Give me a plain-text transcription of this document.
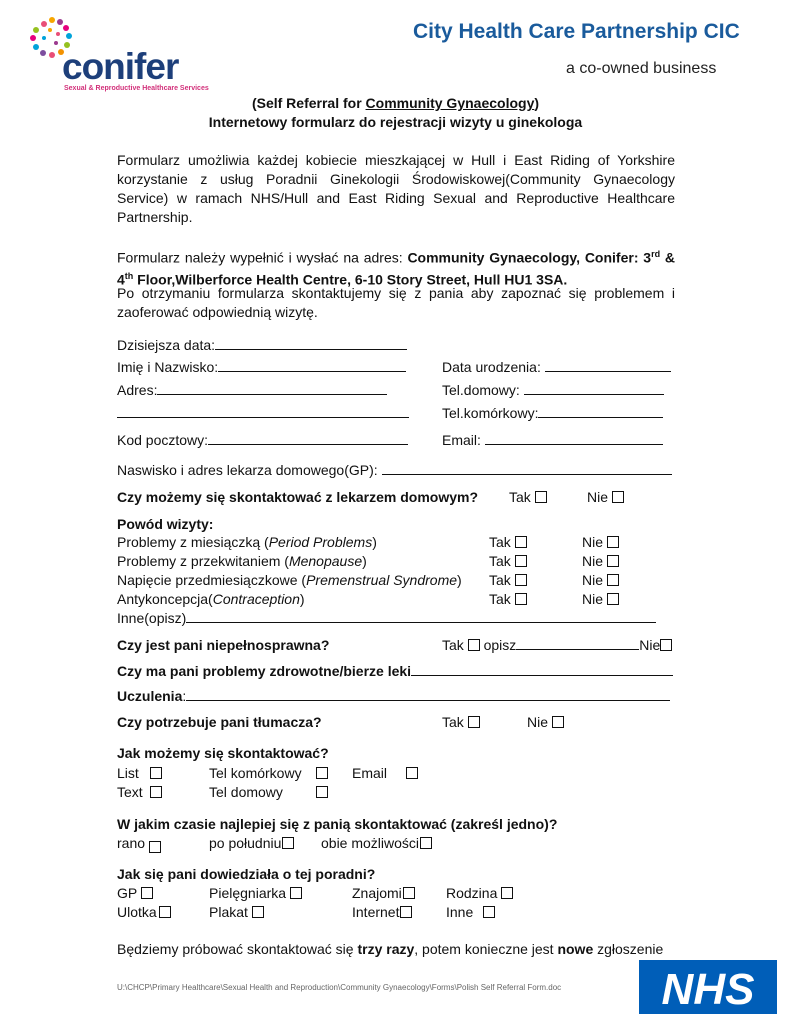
conifer
Sexual & Reproductive Healthcare Services
City Health Care Partnership CIC
a co-owned business
(Self Referral for Community Gynaecology)
Internetowy formularz do rejestracji wizyty u ginekologa
Formularz umożliwia każdej kobiecie mieszkającej w Hull i East Riding of Yorkshire korzystanie z usług Poradnii Ginekologii Środowiskowej(Community Gynaecology Service) w ramach NHS/Hull and East Riding Sexual and Reproductive Healthcare Partnership.
Formularz należy wypełnić i wysłać na adres: Community Gynaecology, Conifer: 3rd & 4th Floor,Wilberforce Health Centre, 6-10 Story Street, Hull HU1 3SA.
Po otrzymaniu formularza skontaktujemy się z pania aby zapoznać się problemem i zaoferować odpowiednią wizytę.
Dzisiejsza data:
Imię i Nazwisko:	Data urodzenia:
Adres:	Tel.domowy:
Tel.komórkowy:
Kod pocztowy:	Email:
Naswisko i adres lekarza domowego(GP):
Czy możemy się skontaktować z lekarzem domowym? Tak	Nie
Powód wizyty:
Problemy z miesiączką (Period Problems)	Tak	Nie
Problemy z przekwitaniem (Menopause)	Tak	Nie
Napięcie przedmiesiączkowe (Premenstrual Syndrome) Tak	Nie
Antykoncepcja(Contraception)	Tak	Nie
Inne(opisz)
Czy jest pani niepełnosprawna?	Tak opisz	Nie
Czy ma pani problemy zdrowotne/bierze leki
Uczulenia:
Czy potrzebuje pani tłumacza?	Tak	Nie
Jak możemy się skontaktować?
List	Tel komórkowy	Email
Text	Tel domowy
W jakim czasie najlepiej się z panią skontaktować (zakreśl jedno)?
rano	po południu	obie możliwości
Jak się pani dowiedziała o tej poradni?
GP	Pielęgniarka	Znajomi	Rodzina
Ulotka	Plakat	Internet	Inne
Będziemy próbować skontaktować się trzy razy, potem konieczne jest nowe zgłoszenie
U:\CHCP\Primary Healthcare\Sexual Health and Reproduction\Community Gynaecology\Forms\Polish Self Referral Form.doc NHS
